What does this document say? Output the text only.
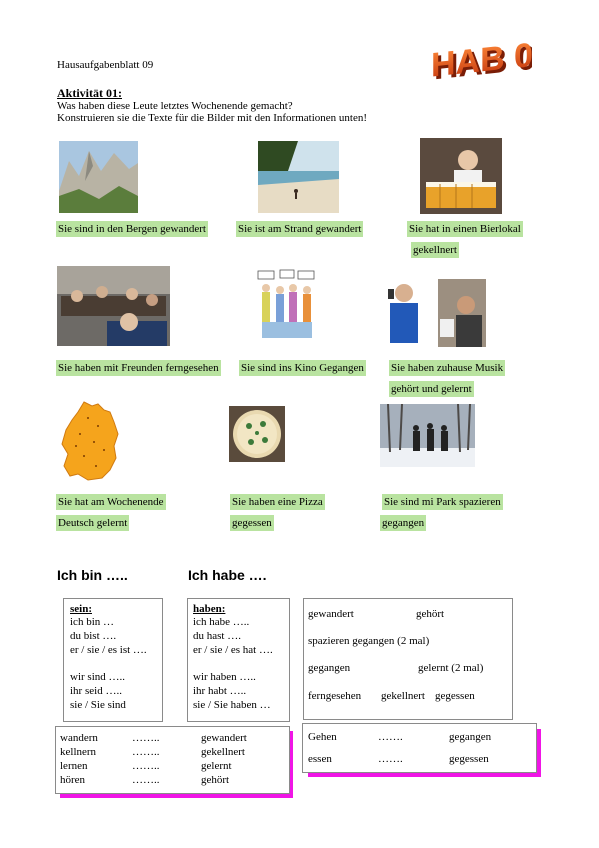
Hausaufgabenblatt 09	HAB 09
HAB 09
Aktivität 01:
Was haben diese Leute letztes Wochenende gemacht?
Konstruieren sie die Texte für die Bilder mit den Informationen unten!
Sie sind in den Bergen gewandert	Sie ist am Strand gewandert	Sie hat in einen Bierlokal
gekellnert
Sie haben mit Freunden ferngesehen Sie sind ins Kino Gegangen Sie haben zuhause Musik
gehört und gelernt
Sie hat am Wochenende
Deutsch gelernt
Sie haben eine Pizza
gegessen
Sie sind mi Park spazieren
gegangen
Ich bin …..	Ich habe ….
sein:
ich bin …
du bist ….
er / sie / es ist ….
wir sind …..
ihr seid …..
sie / Sie sind
haben:
ich habe …..
du hast ….
er / sie / es hat ….
wir haben …..
ihr habt …..
sie / Sie haben …
gewandert	gehört
spazieren gegangen (2 mal)
gegangen	gelernt (2 mal)
ferngesehen gekellnert gegessen
wandern	……..	gewandert
kellnern	……..	gekellnert
lernen	……..	gelernt
hören	……..	gehört
Gehen	…….	gegangen
essen	…….	gegessen
